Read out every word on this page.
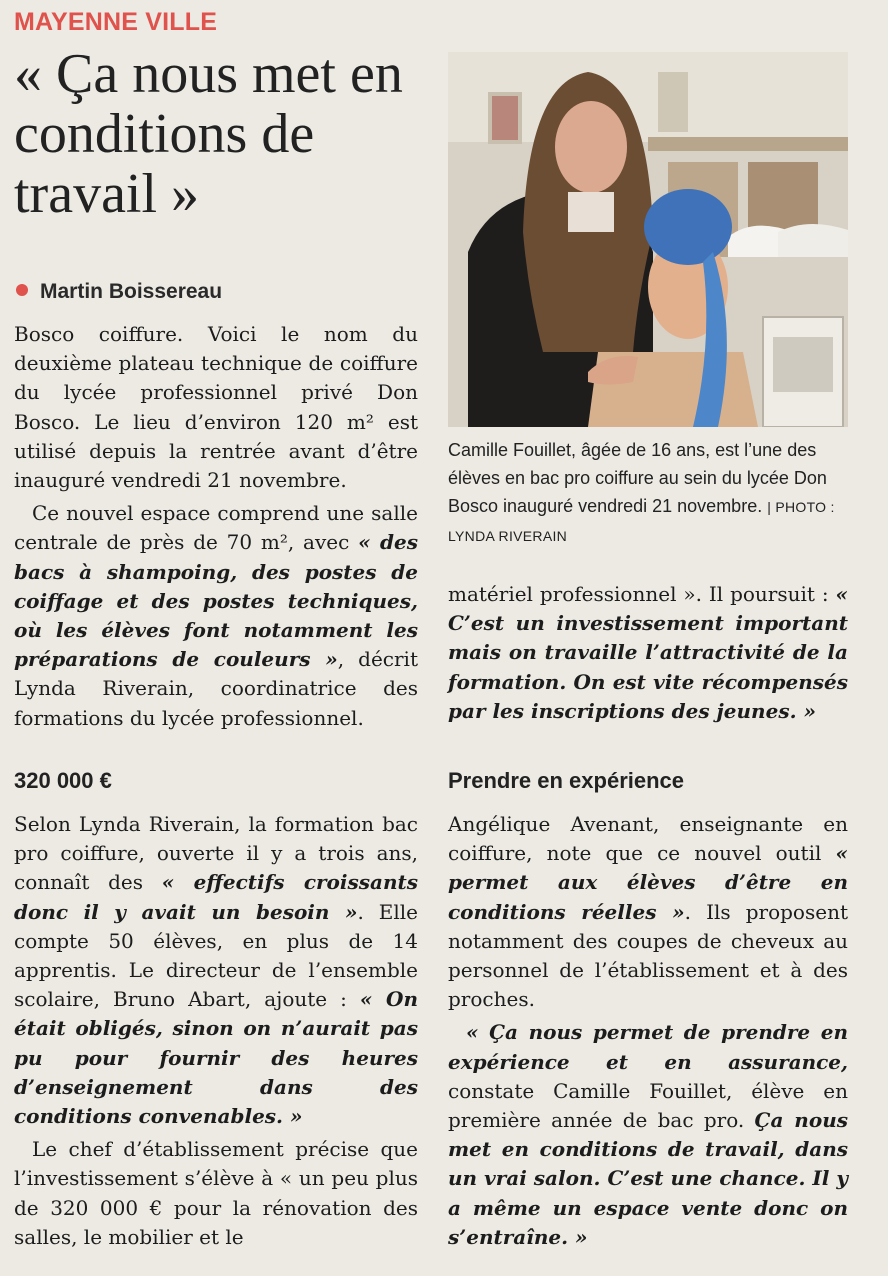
MAYENNE VILLE
« Ça nous met en conditions de travail »
Martin Boissereau

Bosco coiffure. Voici le nom du deuxième plateau technique de coiffure du lycée professionnel privé Don Bosco. Le lieu d’environ 120 m² est utilisé depuis la rentrée avant d’être inauguré vendredi 21 novembre.

Ce nouvel espace comprend une salle centrale de près de 70 m², avec « des bacs à shampoing, des postes de coiffage et des postes techniques, où les élèves font notamment les préparations de couleurs », décrit Lynda Riverain, coordinatrice des formations du lycée professionnel.

320 000 €

Selon Lynda Riverain, la formation bac pro coiffure, ouverte il y a trois ans, connaît des « effectifs croissants donc il y avait un besoin ». Elle compte 50 élèves, en plus de 14 apprentis. Le directeur de l’ensemble scolaire, Bruno Abart, ajoute : « On était obligés, sinon on n’aurait pas pu pour fournir des heures d’enseignement dans des conditions convenables. »

Le chef d’établissement précise que l’investissement s’élève à « un peu plus de 320 000 € pour la rénovation des salles, le mobilier et le

Camille Fouillet, âgée de 16 ans, est l’une des élèves en bac pro coiffure au sein du lycée Don Bosco inauguré vendredi 21 novembre. | PHOTO : LYNDA RIVERAIN

matériel professionnel ». Il poursuit : « C’est un investissement important mais on travaille l’attractivité de la formation. On est vite récompensés par les inscriptions des jeunes. »

Prendre en expérience

Angélique Avenant, enseignante en coiffure, note que ce nouvel outil « permet aux élèves d’être en conditions réelles ». Ils proposent notamment des coupes de cheveux au personnel de l’établissement et à des proches.

« Ça nous permet de prendre en expérience et en assurance, constate Camille Fouillet, élève en première année de bac pro. Ça nous met en conditions de travail, dans un vrai salon. C’est une chance. Il y a même un espace vente donc on s’entraîne. »
